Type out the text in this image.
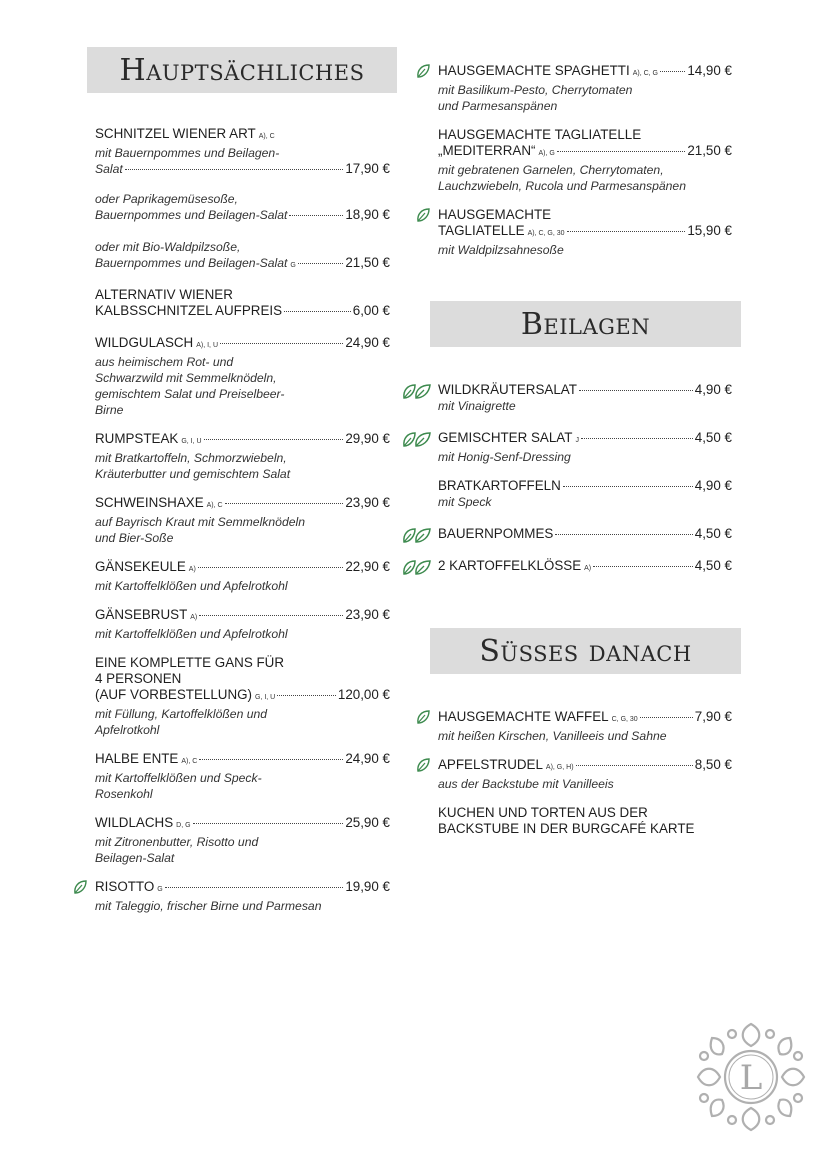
Hauptsächliches
SCHNITZEL WIENER ART A), C
mit Bauernpommes und Beilagen-
Salat	17,90 €
oder Paprikagemüsesoße,
Bauernpommes und Beilagen-Salat	18,90 €
oder mit Bio-Waldpilzsoße,
Bauernpommes und Beilagen-Salat G	21,50 €
ALTERNATIV WIENER
KALBSSCHNITZEL AUFPREIS	6,00 €
WILDGULASCH A), I, U	24,90 €
aus heimischem Rot- und
Schwarzwild mit Semmelknödeln,
gemischtem Salat und Preiselbeer-
Birne
RUMPSTEAK G, I, U	29,90 €
mit Bratkartoffeln, Schmorzwiebeln,
Kräuterbutter und gemischtem Salat
SCHWEINSHAXE A), C	23,90 €
auf Bayrisch Kraut mit Semmelknödeln
und Bier-Soße
GÄNSEKEULE A)	22,90 €
mit Kartoffelklößen und Apfelrotkohl
GÄNSEBRUST A)	23,90 €
mit Kartoffelklößen und Apfelrotkohl
EINE KOMPLETTE GANS FÜR
4 PERSONEN
(AUF VORBESTELLUNG) G, I, U	120,00 €
mit Füllung, Kartoffelklößen und
Apfelrotkohl
HALBE ENTE A), C	24,90 €
mit Kartoffelklößen und Speck-
Rosenkohl
WILDLACHS D, G	25,90 €
mit Zitronenbutter, Risotto und
Beilagen-Salat
RISOTTO G	19,90 €
mit Taleggio, frischer Birne und Parmesan
HAUSGEMACHTE SPAGHETTI A), C, G 14,90 €
mit Basilikum-Pesto, Cherrytomaten
und Parmesanspänen
HAUSGEMACHTE TAGLIATELLE
„MEDITERRAN“ A), G	21,50 €
mit gebratenen Garnelen, Cherrytomaten,
Lauchzwiebeln, Rucola und Parmesanspänen
HAUSGEMACHTE
TAGLIATELLE A), C, G, 30	15,90 €
mit Waldpilzsahnesoße
Beilagen
WILDKRÄUTERSALAT	4,90 €
mit Vinaigrette
GEMISCHTER SALAT J	4,50 €
mit Honig-Senf-Dressing
BRATKARTOFFELN	4,90 €
mit Speck
BAUERNPOMMES	4,50 €
2 KARTOFFELKLÖSSE A)	4,50 €
Süsses danach
HAUSGEMACHTE WAFFEL C, G, 30	7,90 €
mit heißen Kirschen, Vanilleeis und Sahne
APFELSTRUDEL A), G, H)	8,50 €
aus der Backstube mit Vanilleeis
KUCHEN UND TORTEN AUS DER
BACKSTUBE IN DER BURGCAFÉ KARTE
L
